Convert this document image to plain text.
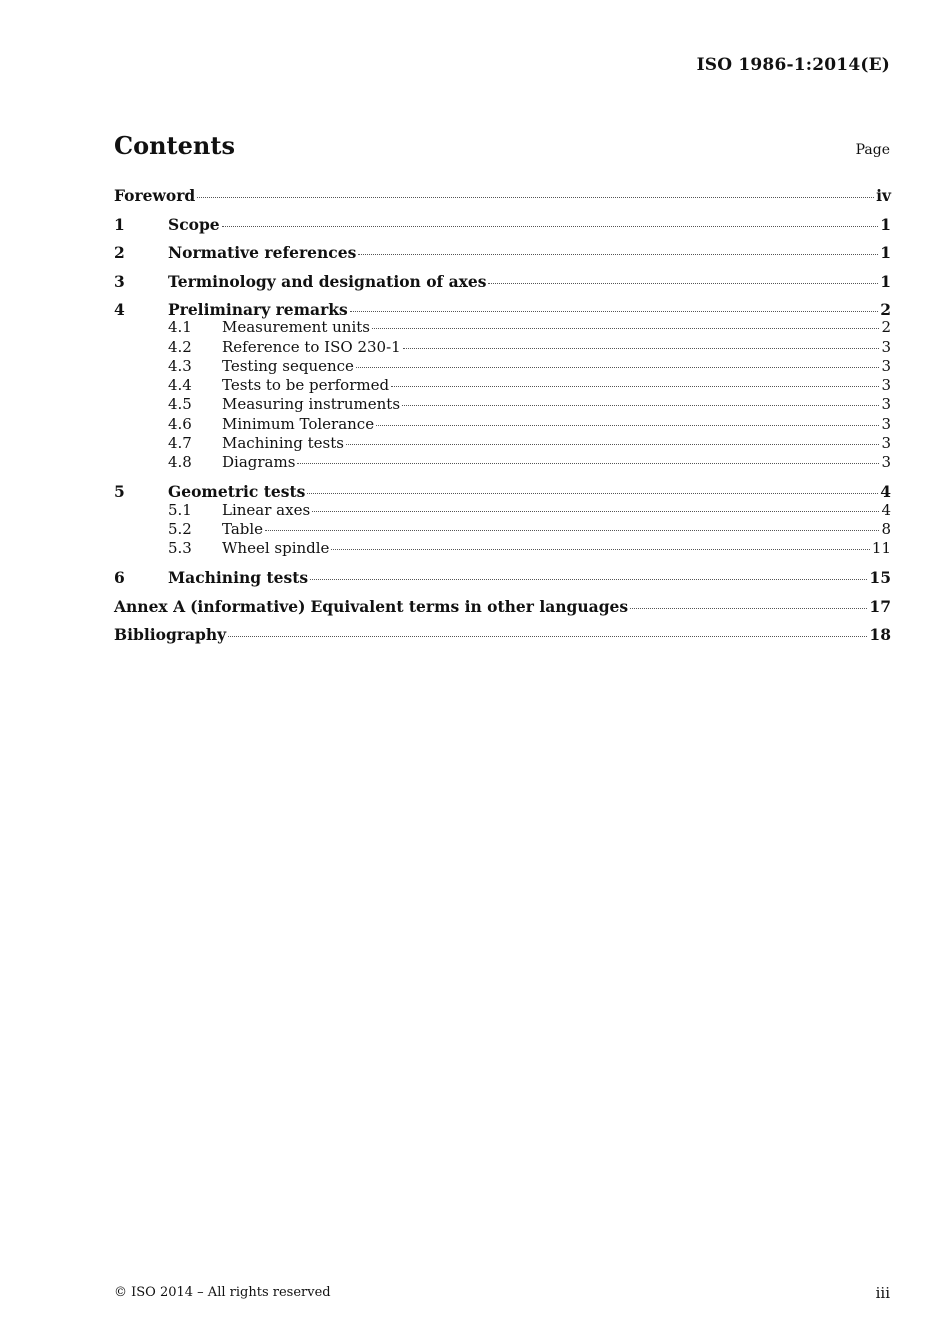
ISO 1986-1:2014(E)
Contents	Page
Foreword	iv
1	Scope	1
2	Normative references	1
3	Terminology and designation of axes	1
4	Preliminary remarks	2
4.1	Measurement units	2
4.2	Reference to ISO 230-1	3
4.3	Testing sequence	3
4.4	Tests to be performed	3
4.5	Measuring instruments	3
4.6	Minimum Tolerance	3
4.7	Machining tests	3
4.8	Diagrams	3
5	Geometric tests	4
5.1	Linear axes	4
5.2	Table	8
5.3	Wheel spindle	11
6	Machining tests	15
Annex A (informative) Equivalent terms in other languages	17
Bibliography	18
© ISO 2014 – All rights reserved	iii
